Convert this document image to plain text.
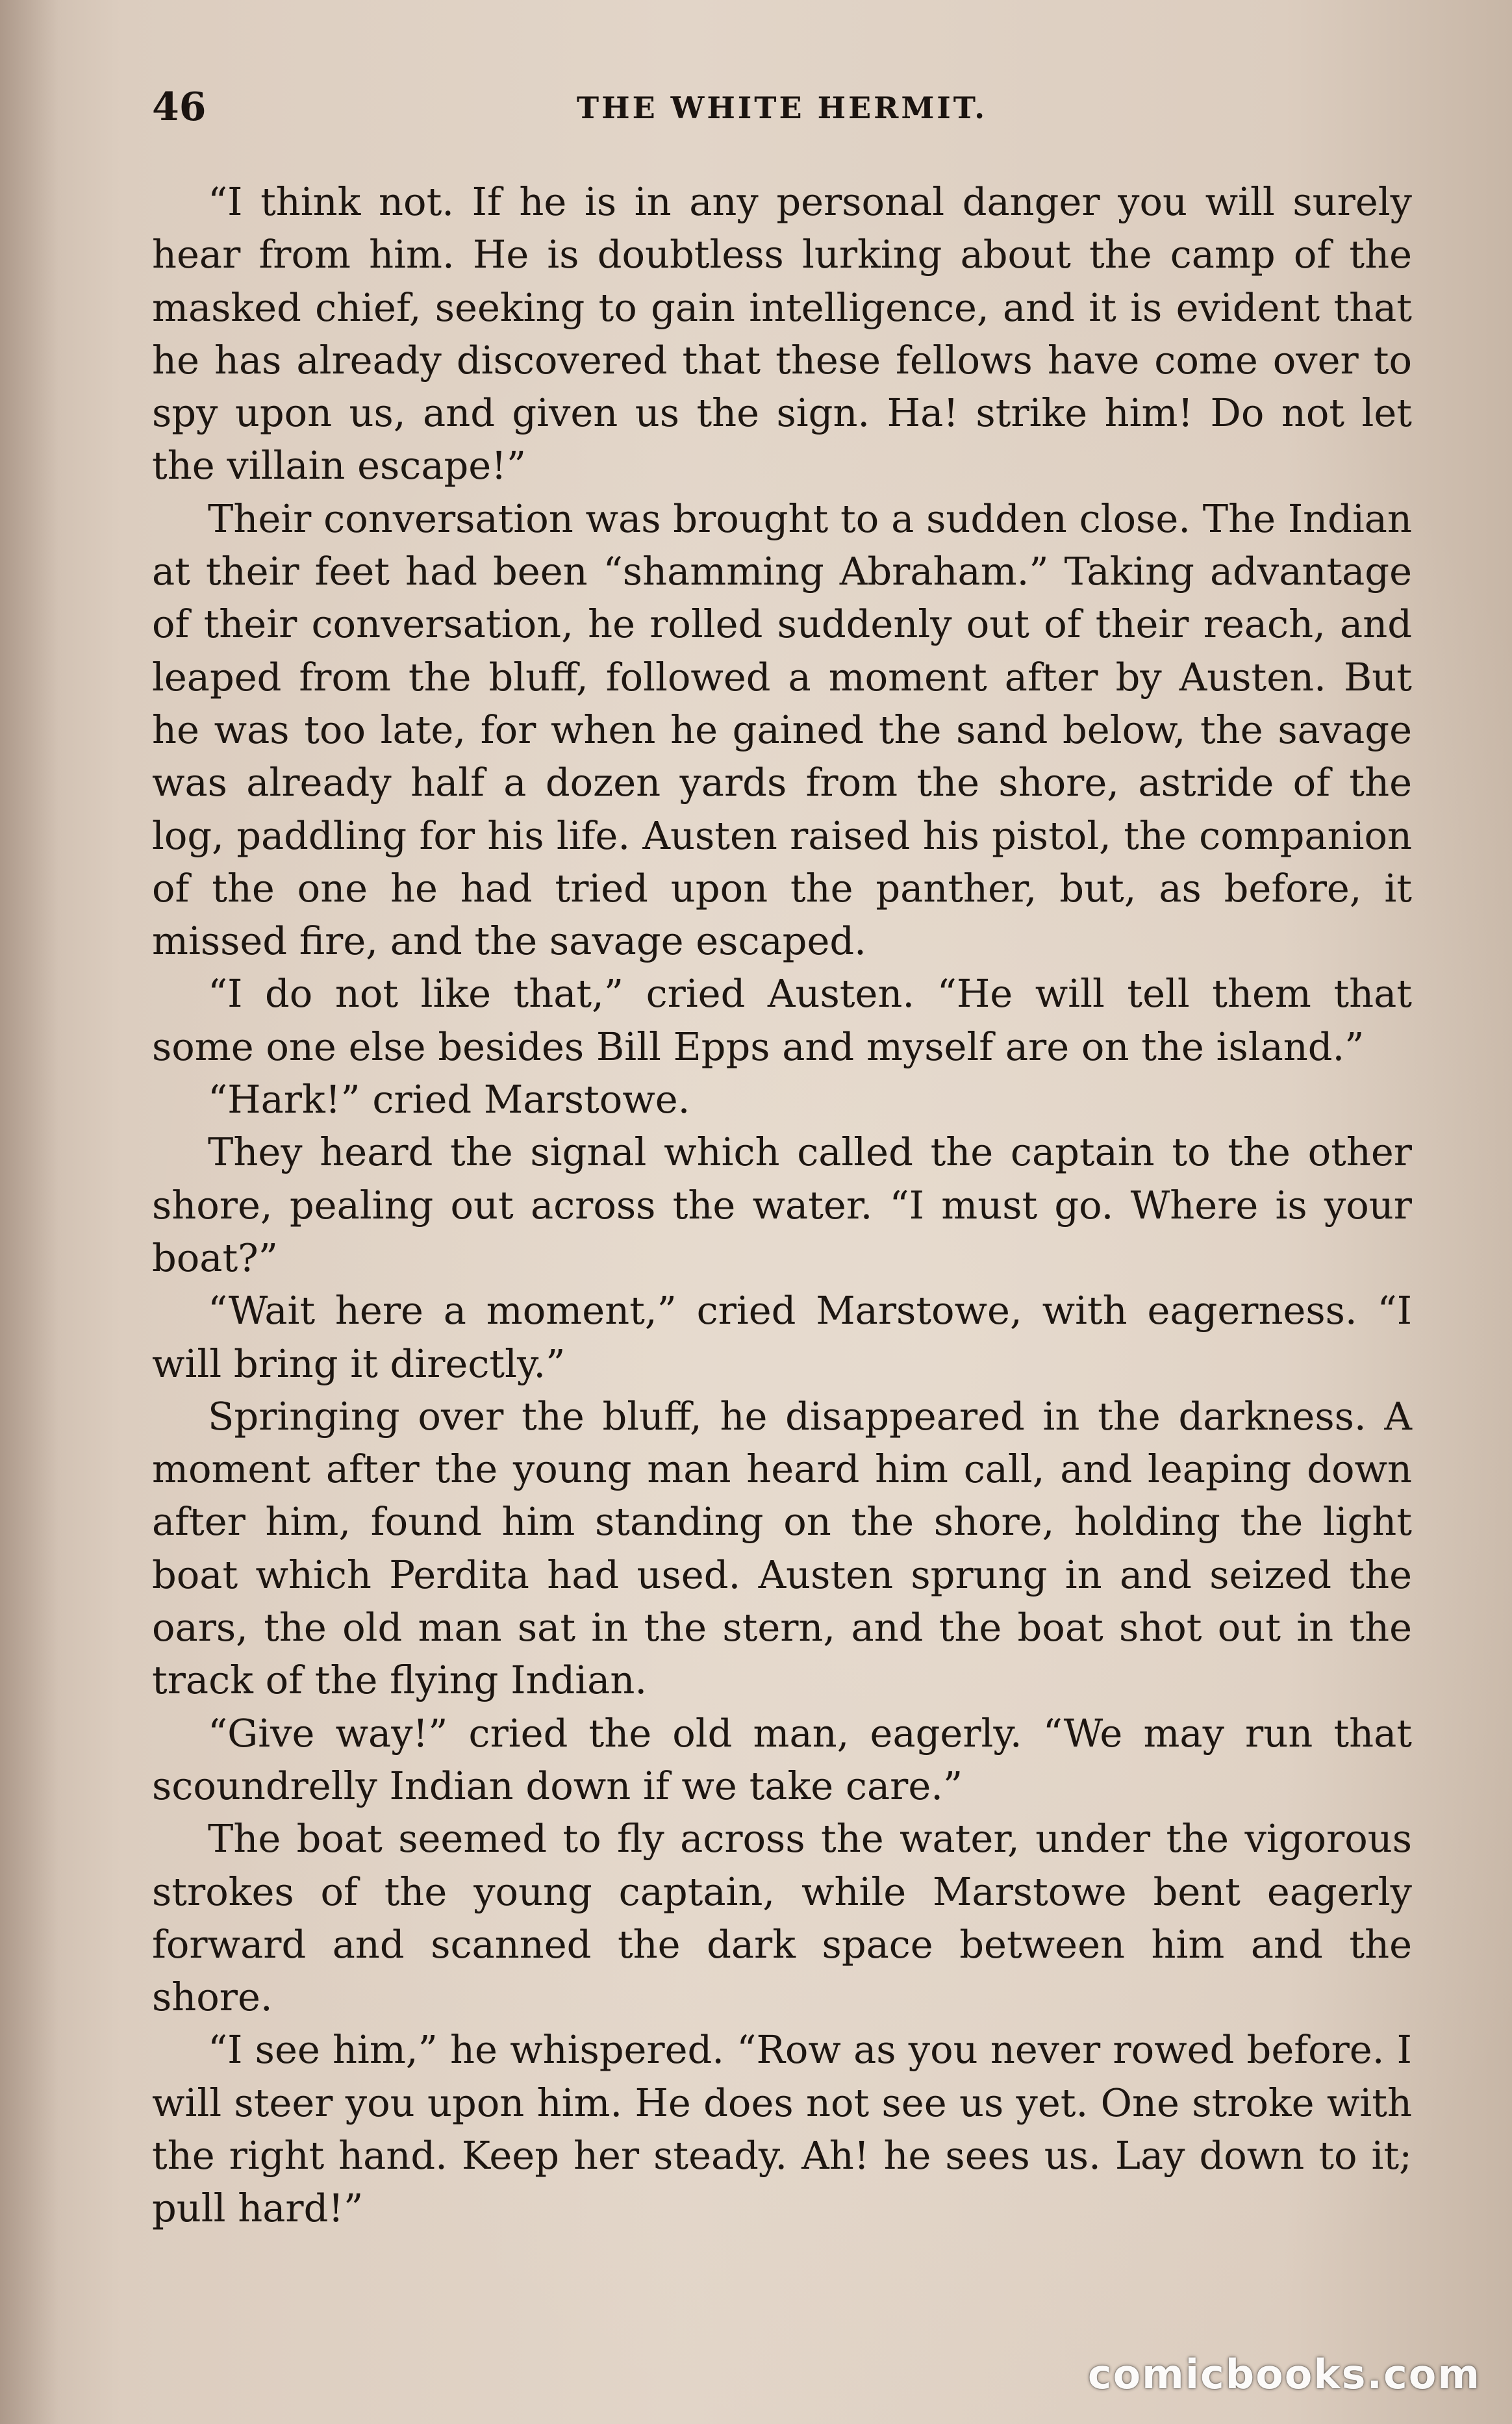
46	THE WHITE HERMIT.

“I think not. If he is in any personal danger you will surely hear from him. He is doubtless lurking about the camp of the masked chief, seeking to gain intelligence, and it is evident that he has already discovered that these fellows have come over to spy upon us, and given us the sign. Ha! strike him! Do not let the villain escape!”

Their conversation was brought to a sudden close. The Indian at their feet had been “shamming Abraham.” Taking advantage of their conversation, he rolled suddenly out of their reach, and leaped from the bluff, followed a moment after by Austen. But he was too late, for when he gained the sand below, the savage was already half a dozen yards from the shore, astride of the log, paddling for his life. Austen raised his pistol, the companion of the one he had tried upon the panther, but, as before, it missed fire, and the savage escaped.

“I do not like that,” cried Austen. “He will tell them that some one else besides Bill Epps and myself are on the island.”

“Hark!” cried Marstowe.

They heard the signal which called the captain to the other shore, pealing out across the water. “I must go. Where is your boat?”

“Wait here a moment,” cried Marstowe, with eagerness. “I will bring it directly.”

Springing over the bluff, he disappeared in the darkness. A moment after the young man heard him call, and leaping down after him, found him standing on the shore, holding the light boat which Perdita had used. Austen sprung in and seized the oars, the old man sat in the stern, and the boat shot out in the track of the flying Indian.

“Give way!” cried the old man, eagerly. “We may run that scoundrelly Indian down if we take care.”

The boat seemed to fly across the water, under the vigorous strokes of the young captain, while Marstowe bent eagerly forward and scanned the dark space between him and the shore.

“I see him,” he whispered. “Row as you never rowed before. I will steer you upon him. He does not see us yet. One stroke with the right hand. Keep her steady. Ah! he sees us. Lay down to it; pull hard!”

comicbooks.com
